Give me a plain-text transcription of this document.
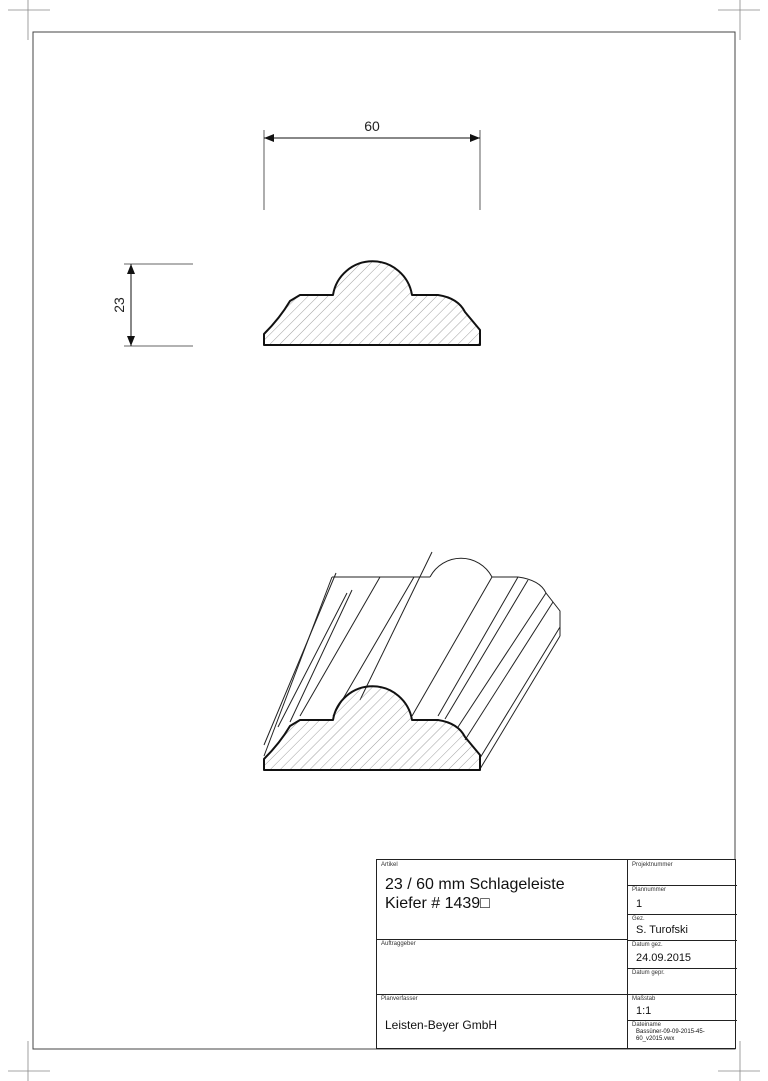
60
23
Artikel
23 / 60 mm Schlageleiste
Kiefer # 1439□
Auftraggeber
Planverfasser
Leisten-Beyer GmbH
Projektnummer
Plannummer
1
Gez.
S. Turofski
Datum gez.
24.09.2015
Datum gepr.
Maßstab
1:1
Dateiname
Bassüner-09-09-2015-45-60_v2015.vwx
